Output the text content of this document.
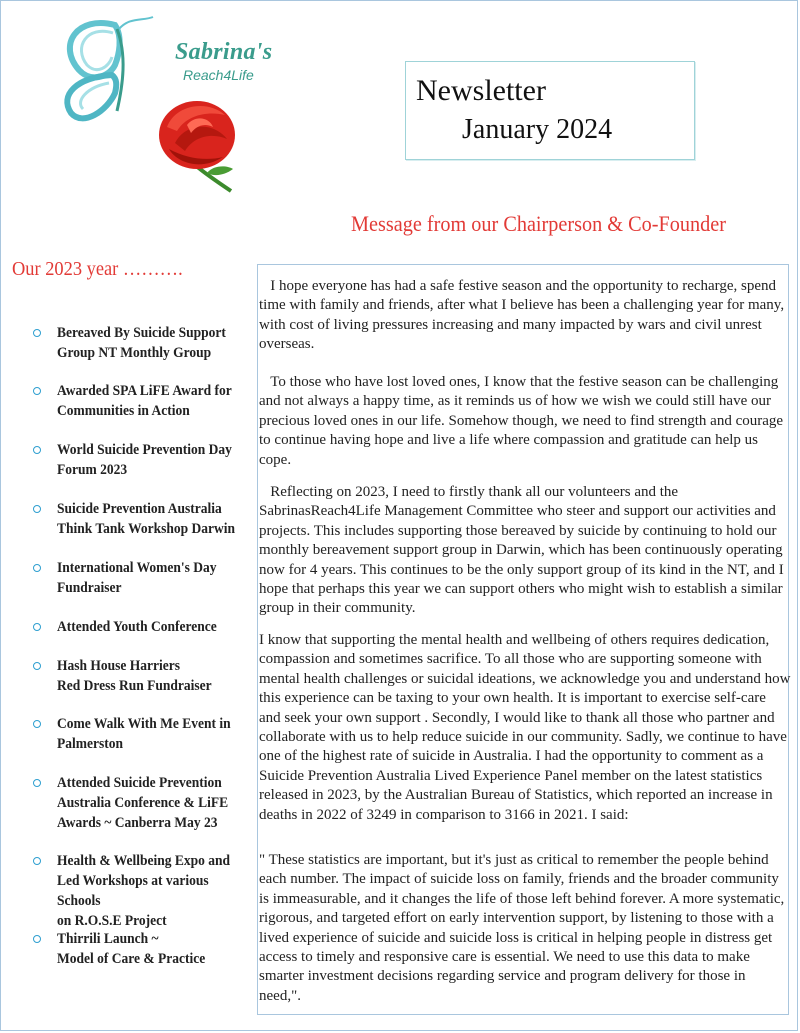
Sabrina's
Reach4Life	Newsletter
January 2024
Message from our Chairperson & Co-Founder
Our 2023 year ……….
Bereaved By Suicide Support
Group NT Monthly Group
Awarded SPA LiFE Award for
Communities in Action
World Suicide Prevention Day
Forum 2023
Suicide Prevention Australia
Think Tank Workshop Darwin
International Women's Day
Fundraiser
Attended Youth Conference
Hash House Harriers
Red Dress Run Fundraiser
Come Walk With Me Event in
Palmerston
Attended Suicide Prevention
Australia Conference & LiFE
Awards ~ Canberra May 23
Health & Wellbeing Expo and
Led Workshops at various Schools
on R.O.S.E Project
Thirrili Launch ~
Model of Care & Practice

I hope everyone has had a safe festive season and the opportunity to recharge, spend time with family and friends, after what I believe has been a challenging year for many, with cost of living pressures increasing and many impacted by wars and civil unrest overseas.

To those who have lost loved ones, I know that the festive season can be challenging and not always a happy time, as it reminds us of how we wish we could still have our precious loved ones in our life. Somehow though, we need to find strength and courage to continue having hope and live a life where compassion and gratitude can help us cope.

Reflecting on 2023, I need to firstly thank all our volunteers and the SabrinasReach4Life Management Committee who steer and support our activities and projects. This includes supporting those bereaved by suicide by continuing to hold our monthly bereavement support group in Darwin, which has been continuously operating now for 4 years. This continues to be the only support group of its kind in the NT, and I hope that perhaps this year we can support others who might wish to establish a similar group in their community.

I know that supporting the mental health and wellbeing of others requires dedication, compassion and sometimes sacrifice. To all those who are supporting someone with mental health challenges or suicidal ideations, we acknowledge you and understand how this experience can be taxing to your own health. It is important to exercise self-care and seek your own support . Secondly, I would like to thank all those who partner and collaborate with us to help reduce suicide in our community. Sadly, we continue to have one of the highest rate of suicide in Australia. I had the opportunity to comment as a Suicide Prevention Australia Lived Experience Panel member on the latest statistics released in 2023, by the Australian Bureau of Statistics, which reported an increase in deaths in 2022 of 3249 in comparison to 3166 in 2021. I said:

" These statistics are important, but it's just as critical to remember the people behind each number. The impact of suicide loss on family, friends and the broader community is immeasurable, and it changes the life of those left behind forever. A more systematic, rigorous, and targeted effort on early intervention support, by listening to those with a lived experience of suicide and suicide loss is critical in helping people in distress get access to timely and responsive care is essential. We need to use this data to make smarter investment decisions regarding service and program delivery for those in need,".
